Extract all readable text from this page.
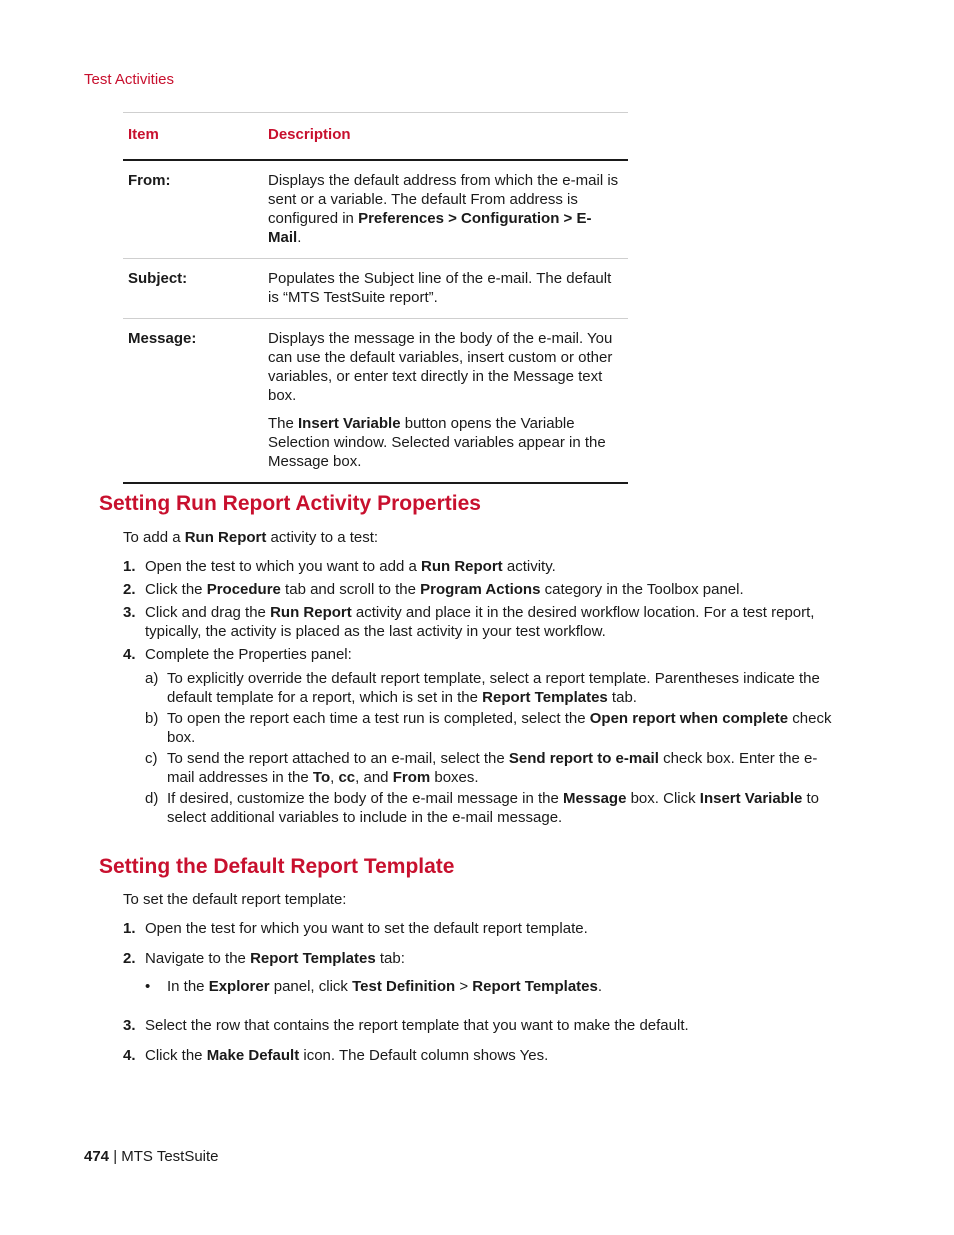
Test Activities
Item	Description
From:	Displays the default address from which the e-mail is sent or a variable. The default From address is configured in Preferences > Configuration > E-Mail.

Subject:	Populates the Subject line of the e-mail. The default is “MTS TestSuite report”.

Message:	Displays the message in the body of the e-mail. You can use the default variables, insert custom or other variables, or enter text directly in the Message text box.

The Insert Variable button opens the Variable Selection window. Selected variables appear in the Message box.

Setting Run Report Activity Properties

To add a Run Report activity to a test:

1. Open the test to which you want to add a Run Report activity.
2. Click the Procedure tab and scroll to the Program Actions category in the Toolbox panel.
3. Click and drag the Run Report activity and place it in the desired workflow location. For a test report, typically, the activity is placed as the last activity in your test workflow.
4. Complete the Properties panel:
a) To explicitly override the default report template, select a report template. Parentheses indicate the default template for a report, which is set in the Report Templates tab.
b) To open the report each time a test run is completed, select the Open report when complete check box.
c) To send the report attached to an e-mail, select the Send report to e-mail check box. Enter the e-mail addresses in the To, cc, and From boxes.
d) If desired, customize the body of the e-mail message in the Message box. Click Insert Variable to select additional variables to include in the e-mail message.
Setting the Default Report Template

To set the default report template:

1. Open the test for which you want to set the default report template.
2. Navigate to the Report Templates tab:
• In the Explorer panel, click Test Definition > Report Templates.
3. Select the row that contains the report template that you want to make the default.
4. Click the Make Default icon. The Default column shows Yes.
474 | MTS TestSuite
